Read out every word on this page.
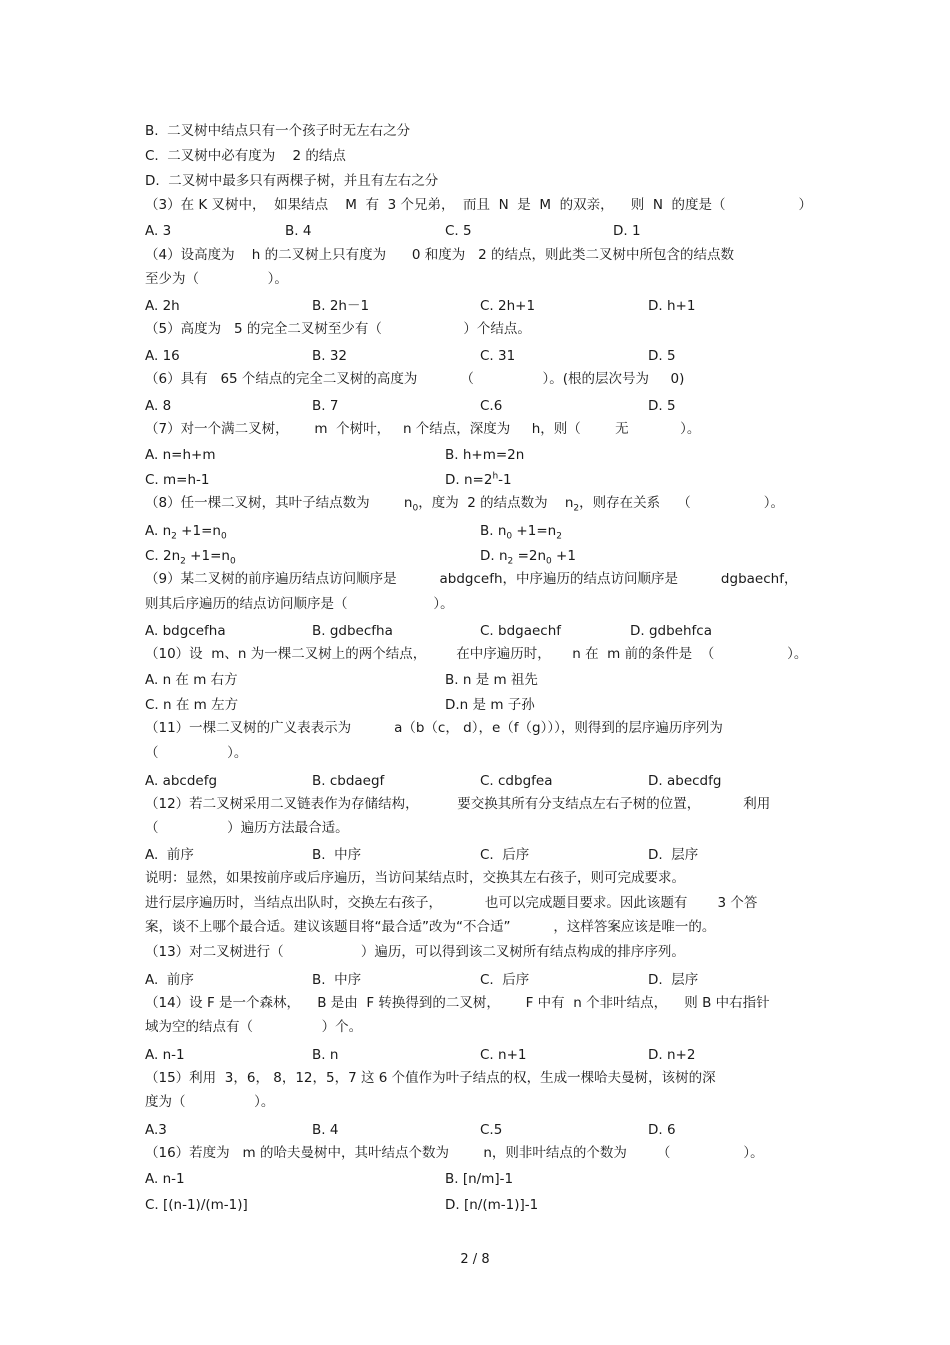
B.  二叉树中结点只有一个孩子时无左右之分
C.  二叉树中必有度为    2 的结点
D.  二叉树中最多只有两棵子树，并且有左右之分
（3）在 K 叉树中，  如果结点    M  有  3 个兄弟，  而且  N  是  M  的双亲，    则  N  的度是（                 ）
A. 3	B. 4	C. 5	D. 1
（4）设高度为    h 的二叉树上只有度为      0 和度为   2 的结点，则此类二叉树中所包含的结点数
至少为（                ）。
A. 2h	B. 2h－1	C. 2h+1	D. h+1
（5）高度为   5 的完全二叉树至少有（                   ）个结点。
A. 16	B. 32	C. 31	D. 5
（6）具有   65 个结点的完全二叉树的高度为          （                ）。(根的层次号为     0)
A. 8	B. 7	C.6	D. 5
（7）对一个满二叉树，      m  个树叶，   n 个结点，深度为     h，则（        无            ）。
A. n=h+m	B. h+m=2n
C. m=h-1	D. $n=2^h-1$
（8）任一棵二叉树，其叶子结点数为        $n_0$，度为  2 的结点数为    $n_2$，则存在关系    （                 ）。
A. $n_2 +1=n_0$	B. $n_0 +1=n_2$
C. $2n_2 +1=n_0$	D. $n_2 =2n_0 +1$
（9）某二叉树的前序遍历结点访问顺序是          abdgcefh，中序遍历的结点访问顺序是          dgbaechf，
则其后序遍历的结点访问顺序是（                    ）。
A. bdgcefha	B. gdbecfha	C. bdgaechf	D. gdbehfca
（10）设  m、n 为一棵二叉树上的两个结点，       在中序遍历时，     n 在  m 前的条件是  （                 ）。
A. n 在 m 右方	B. n 是 m 祖先
C. n 在 m 左方	D.n 是 m 子孙
（11）一棵二叉树的广义表表示为          a（b（c， d），e（f（g））），则得到的层序遍历序列为
（                ）。
A. abcdefg	B. cbdaegf	C. cdbgfea	D. abecdfg
（12）若二叉树采用二叉链表作为存储结构，         要交换其所有分支结点左右子树的位置，          利用
（                ）遍历方法最合适。
A.  前序	B.  中序	C.  后序	D.  层序
说明：显然，如果按前序或后序遍历，当访问某结点时，交换其左右孩子，则可完成要求。
进行层序遍历时，当结点出队时，交换左右孩子，          也可以完成题目要求。因此该题有       3 个答
案，谈不上哪个最合适。建议该题目将“最合适”改为“不合适”          ，这样答案应该是唯一的。
（13）对二叉树进行（                  ）遍历，可以得到该二叉树所有结点构成的排序序列。
A.  前序	B.  中序	C.  后序	D.  层序
（14）设 F 是一个森林，    B 是由  F 转换得到的二叉树，      F 中有  n 个非叶结点，    则 B 中右指针
域为空的结点有（                ）个。
A. n-1	B. n	C. n+1	D. n+2
（15）利用  3，6， 8，12，5，7 这 6 个值作为叶子结点的权，生成一棵哈夫曼树，该树的深
度为（                ）。
A.3	B. 4	C.5	D. 6
（16）若度为   m 的哈夫曼树中，其叶结点个数为        n，则非叶结点的个数为       （                 ）。
A. n-1	B. [n/m]-1
C. [(n-1)/(m-1)]	D. [n/(m-1)]-1
2 / 8
